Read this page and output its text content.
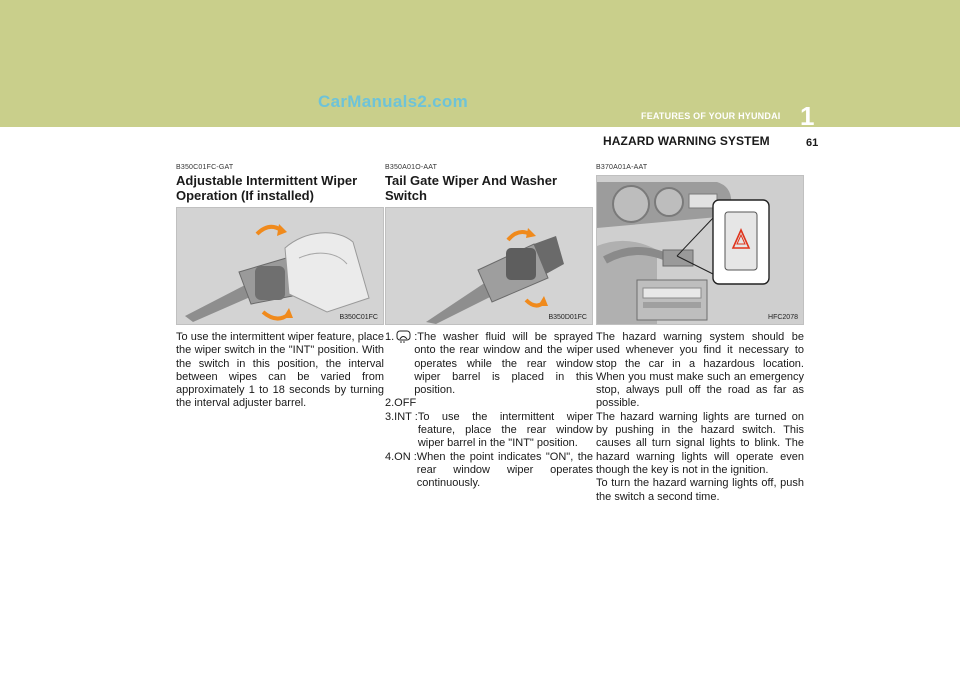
CarManuals2.com
FEATURES OF YOUR HYUNDAI 1
HAZARD WARNING SYSTEM	61
B350C01FC-GAT
Adjustable Intermittent Wiper Operation (If installed)
B350C01FC

To use the intermittent wiper feature, place the wiper switch in the "INT" position. With the switch in this position, the interval between wipes can be varied from approximately 1 to 18 seconds by turning the interval adjuster barrel.

B350A01O-AAT
Tail Gate Wiper And Washer Switch
B350D01FC
1.	:The washer fluid will be sprayed onto the rear window and the wiper operates while the rear window wiper barrel is placed in this position.
2.OFF
3.INT : To use the intermittent wiper feature, place the rear window wiper barrel in the "INT" position.
4.ON : When the point indicates "ON", the rear window wiper operates continuously.
B370A01A-AAT
HFC2078

The hazard warning system should be used whenever you find it necessary to stop the car in a hazardous location. When you must make such an emergency stop, always pull off the road as far as possible.
The hazard warning lights are turned on by pushing in the hazard switch. This causes all turn signal lights to blink. The hazard warning lights will operate even though the key is not in the ignition.
To turn the hazard warning lights off, push the switch a second time.
